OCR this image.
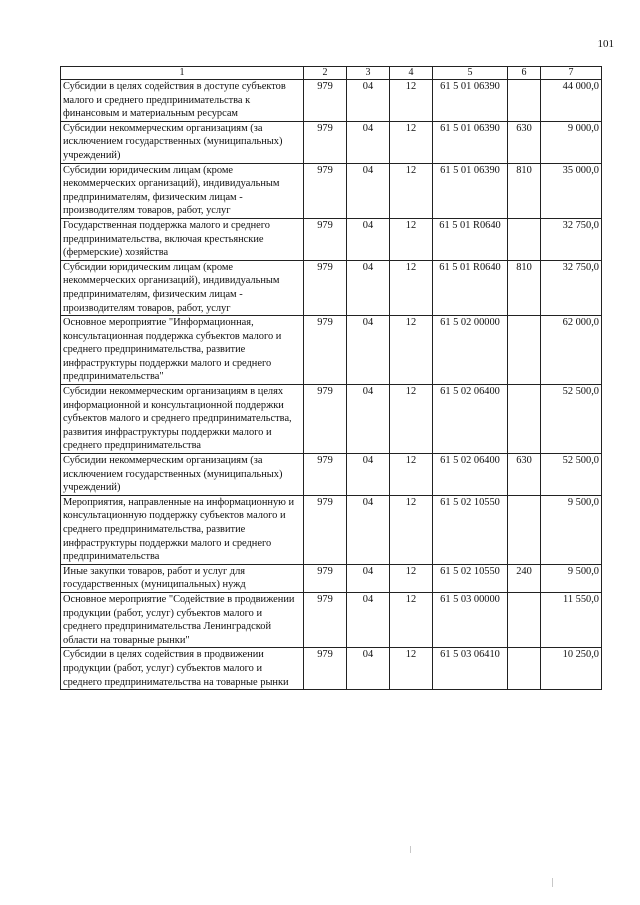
101
1	2	3	4	5	6	7
Субсидии в целях содействия в доступе субъектов малого и среднего предпринимательства к финансовым и материальным ресурсам	979	04	12	61 5 01 06390		44 000,0
Субсидии некоммерческим организациям (за исключением государственных (муниципальных) учреждений)	979	04	12	61 5 01 06390	630	9 000,0
Субсидии юридическим лицам (кроме некоммерческих организаций), индивидуальным предпринимателям, физическим лицам - производителям товаров, работ, услуг	979	04	12	61 5 01 06390	810	35 000,0
Государственная поддержка малого и среднего предпринимательства, включая крестьянские (фермерские) хозяйства	979	04	12	61 5 01 R0640		32 750,0
Субсидии юридическим лицам (кроме некоммерческих организаций), индивидуальным предпринимателям, физическим лицам - производителям товаров, работ, услуг	979	04	12	61 5 01 R0640	810	32 750,0
Основное мероприятие "Информационная, консультационная поддержка субъектов малого и среднего предпринимательства, развитие инфраструктуры поддержки малого и среднего предпринимательства"	979	04	12	61 5 02 00000		62 000,0
Субсидии некоммерческим организациям в целях информационной и консультационной поддержки субъектов малого и среднего предпринимательства, развития инфраструктуры поддержки малого и среднего предпринимательства	979	04	12	61 5 02 06400		52 500,0
Субсидии некоммерческим организациям (за исключением государственных (муниципальных) учреждений)	979	04	12	61 5 02 06400	630	52 500,0
Мероприятия, направленные на информационную и консультационную поддержку субъектов малого и среднего предпринимательства, развитие инфраструктуры поддержки малого и среднего предпринимательства	979	04	12	61 5 02 10550		9 500,0
Иные закупки товаров, работ и услуг для государственных (муниципальных) нужд	979	04	12	61 5 02 10550	240	9 500,0
Основное мероприятие "Содействие в продвижении продукции (работ, услуг) субъектов малого и среднего предпринимательства Ленинградской области на товарные рынки"	979	04	12	61 5 03 00000		11 550,0
Субсидии в целях содействия в продвижении продукции (работ, услуг) субъектов малого и среднего предпринимательства на товарные рынки	979	04	12	61 5 03 06410		10 250,0
